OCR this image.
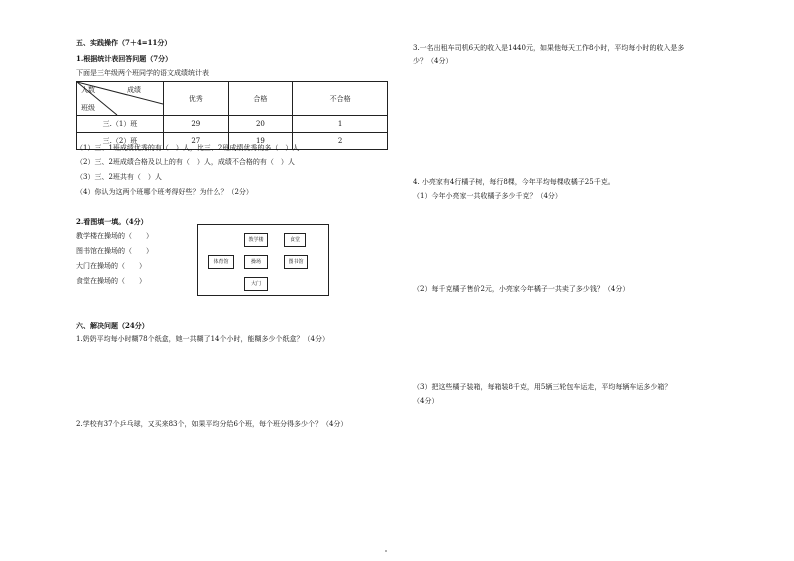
五、实践操作（7＋4=11分）
1.根据统计表回答问题（7分）
下面是三年级两个班同学的语文成绩统计表
成绩
人数
班级	优秀	合格	不合格
三.（1）班	29	20	1
三.（2）班	27	19	2
（1）三、1班成绩优秀的有（　）人，比三、2班成绩优秀的多（　）人
（2）三、2班成绩合格及以上的有（　）人，成绩不合格的有（　）人
（3）三、2班共有（　）人
（4）你认为这两个班哪个班考得好些？为什么？（2分）
2.看图填一填。（4分）
教学楼在操场的（　　）
图书馆在操场的（　　）
大门在操场的（　　）
食堂在操场的（　　）
教学楼	食堂
体育馆	操场	图书馆
大门
六、解决问题（24分）
1.奶奶平均每小时糊78个纸盒，她一共糊了14个小时，能糊多少个纸盒？（4分）
2.学校有37个乒乓球，又买来83个，如果平均分给6个班，每个班分得多少个？（4分）
3.一名出租车司机6天的收入是1440元，如果他每天工作8小时，平均每小时的收入是多
少？（4分）
4. 小亮家有4行橘子树，每行8棵，今年平均每棵收橘子25千克。
（1）今年小亮家一共收橘子多少千克？（4分）
（2）每千克橘子售价2元，小亮家今年橘子一共卖了多少钱？（4分）
（3）把这些橘子装箱，每箱装8千克，用5辆三轮包车运走，平均每辆车运多少箱？
（4分）
